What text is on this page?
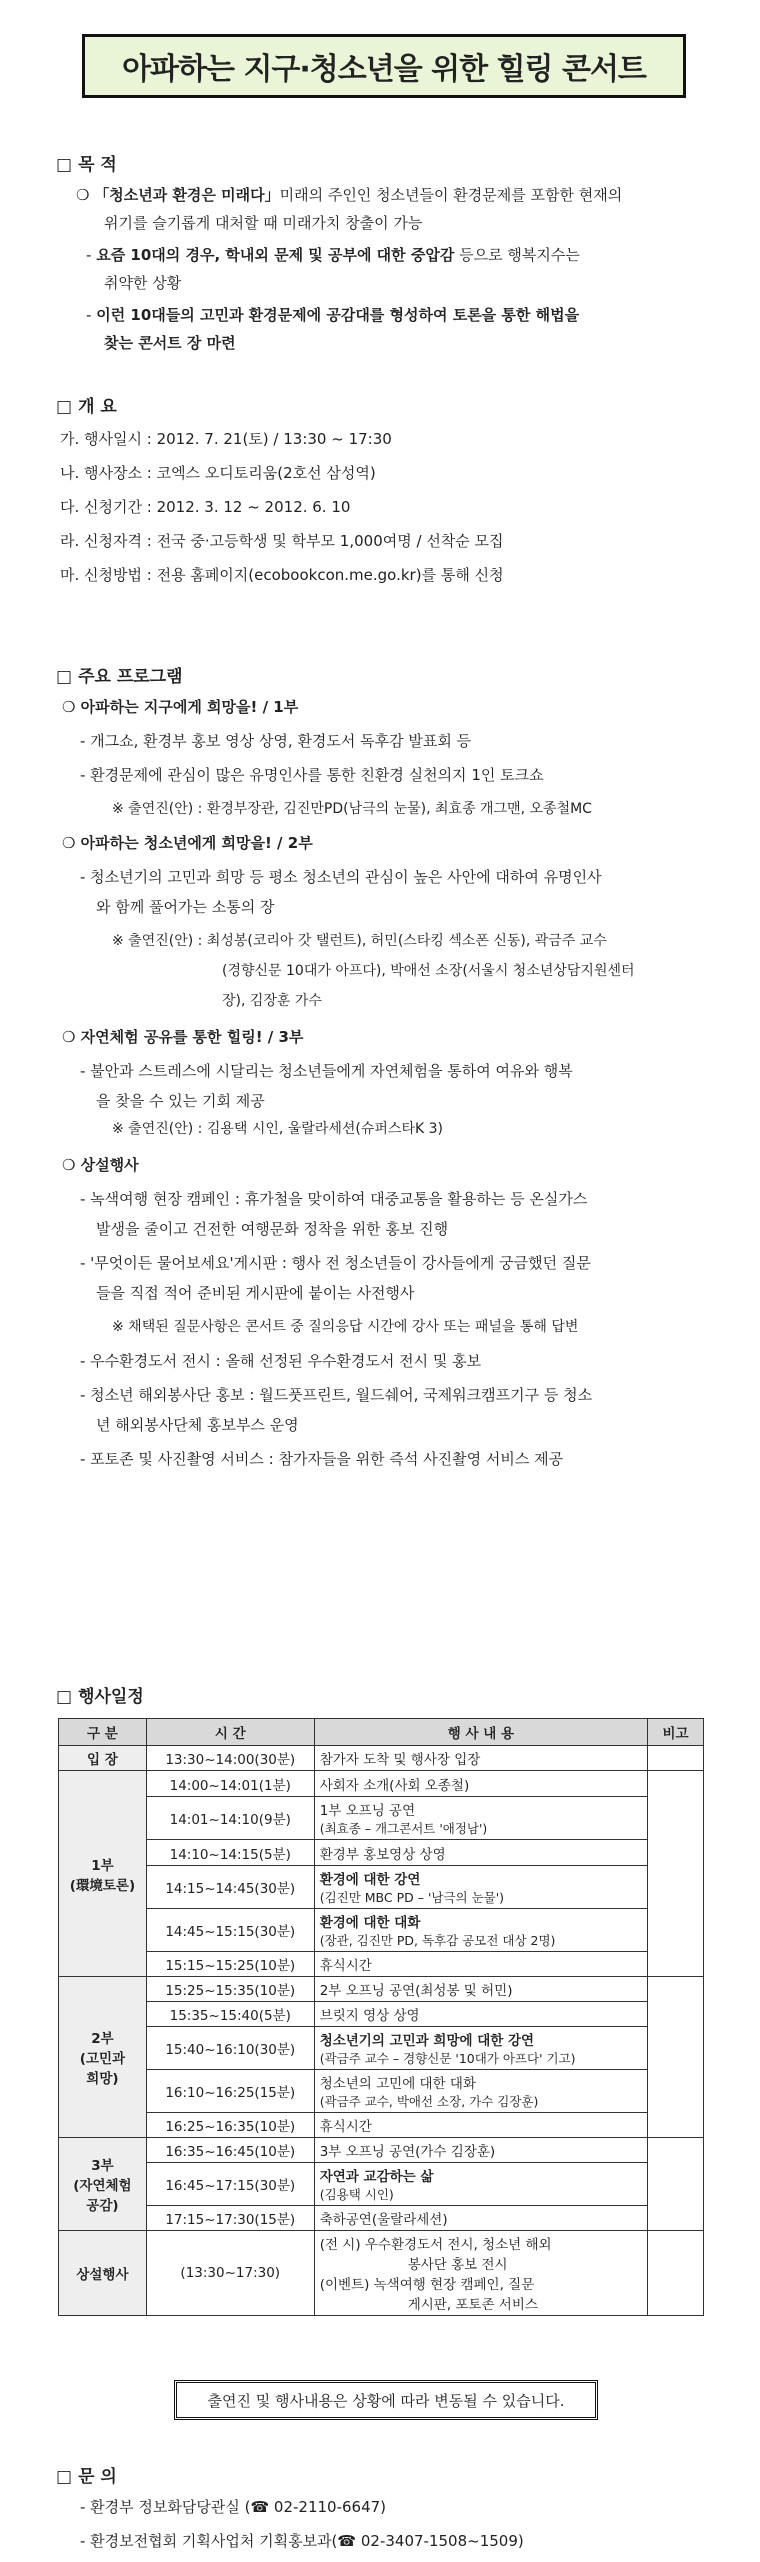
아파하는 지구·청소년을 위한 힐링 콘서트
□ 목 적
❍ 「청소년과 환경은 미래다」미래의 주인인 청소년들이 환경문제를 포함한 현재의
위기를 슬기롭게 대처할 때 미래가치 창출이 가능
- 요즘 10대의 경우, 학내외 문제 및 공부에 대한 중압감 등으로 행복지수는
취약한 상황
- 이런 10대들의 고민과 환경문제에 공감대를 형성하여 토론을 통한 해법을
찾는 콘서트 장 마련
□ 개 요
가. 행사일시 : 2012. 7. 21(토) / 13:30 ~ 17:30
나. 행사장소 : 코엑스 오디토리움(2호선 삼성역)
다. 신청기간 : 2012. 3. 12 ~ 2012. 6. 10
라. 신청자격 : 전국 중·고등학생 및 학부모 1,000여명 / 선착순 모집
마. 신청방법 : 전용 홈페이지(ecobookcon.me.go.kr)를 통해 신청
□ 주요 프로그램
❍ 아파하는 지구에게 희망을! / 1부
- 개그쇼, 환경부 홍보 영상 상영, 환경도서 독후감 발표회 등
- 환경문제에 관심이 많은 유명인사를 통한 친환경 실천의지 1인 토크쇼
※ 출연진(안) : 환경부장관, 김진만PD(남극의 눈물), 최효종 개그맨, 오종철MC
❍ 아파하는 청소년에게 희망을! / 2부
- 청소년기의 고민과 희망 등 평소 청소년의 관심이 높은 사안에 대하여 유명인사
와 함께 풀어가는 소통의 장
※ 출연진(안) : 최성봉(코리아 갓 탤런트), 허민(스타킹 섹소폰 신동), 곽금주 교수
(경향신문 10대가 아프다), 박애선 소장(서울시 청소년상담지원센터
장), 김장훈 가수
❍ 자연체험 공유를 통한 힐링! / 3부
- 불안과 스트레스에 시달리는 청소년들에게 자연체험을 통하여 여유와 행복
을 찾을 수 있는 기회 제공
※ 출연진(안) : 김용택 시인, 울랄라세션(슈퍼스타K 3)
❍ 상설행사
- 녹색여행 현장 캠페인 : 휴가철을 맞이하여 대중교통을 활용하는 등 온실가스
발생을 줄이고 건전한 여행문화 정착을 위한 홍보 진행
- '무엇이든 물어보세요'게시판 : 행사 전 청소년들이 강사들에게 궁금했던 질문
들을 직접 적어 준비된 게시판에 붙이는 사전행사
※ 채택된 질문사항은 콘서트 중 질의응답 시간에 강사 또는 패널을 통해 답변
- 우수환경도서 전시 : 올해 선정된 우수환경도서 전시 및 홍보
- 청소년 해외봉사단 홍보 : 월드풋프린트, 월드쉐어, 국제워크캠프기구 등 청소
년 해외봉사단체 홍보부스 운영
- 포토존 및 사진촬영 서비스 : 참가자들을 위한 즉석 사진촬영 서비스 제공
□ 행사일정
구 분	시 간	행 사 내 용	비고
입 장	13:30~14:00(30분)	참가자 도착 및 행사장 입장	

1부
(環境토론)	14:00~14:01(1분)	사회자 소개(사회 오종철)	

	14:01~14:10(9분)	1부 오프닝 공연
(최효종 – 개그콘서트 '애정남')	

	14:10~14:15(5분)	환경부 홍보영상 상영	

	14:15~14:45(30분)	환경에 대한 강연
(김진만 MBC PD – '남극의 눈물')	

	14:45~15:15(30분)	환경에 대한 대화
(장관, 김진만 PD, 독후감 공모전 대상 2명)	

	15:15~15:25(10분)	휴식시간	

2부
(고민과
희망)	15:25~15:35(10분)	2부 오프닝 공연(최성봉 및 허민)	

	15:35~15:40(5분)	브릿지 영상 상영	

	15:40~16:10(30분)	청소년기의 고민과 희망에 대한 강연
(곽금주 교수 – 경향신문 '10대가 아프다' 기고)	

	16:10~16:25(15분)	청소년의 고민에 대한 대화
(곽금주 교수, 박애선 소장, 가수 김장훈)	

	16:25~16:35(10분)	휴식시간	

3부
(자연체험
공감)	16:35~16:45(10분)	3부 오프닝 공연(가수 김장훈)	

	16:45~17:15(30분)	자연과 교감하는 삶
(김용택 시인)	

	17:15~17:30(15분)	축하공연(울랄라세션)	

상설행사	(13:30~17:30)	(전 시) 우수환경도서 전시, 청소년 해외
봉사단 홍보 전시
(이벤트) 녹색여행 현장 캠페인, 질문
게시판, 포토존 서비스	

출연진 및 행사내용은 상황에 따라 변동될 수 있습니다.
□ 문 의
- 환경부 정보화담당관실 (☎ 02-2110-6647)
- 환경보전협회 기획사업처 기획홍보과(☎ 02-3407-1508~1509)
